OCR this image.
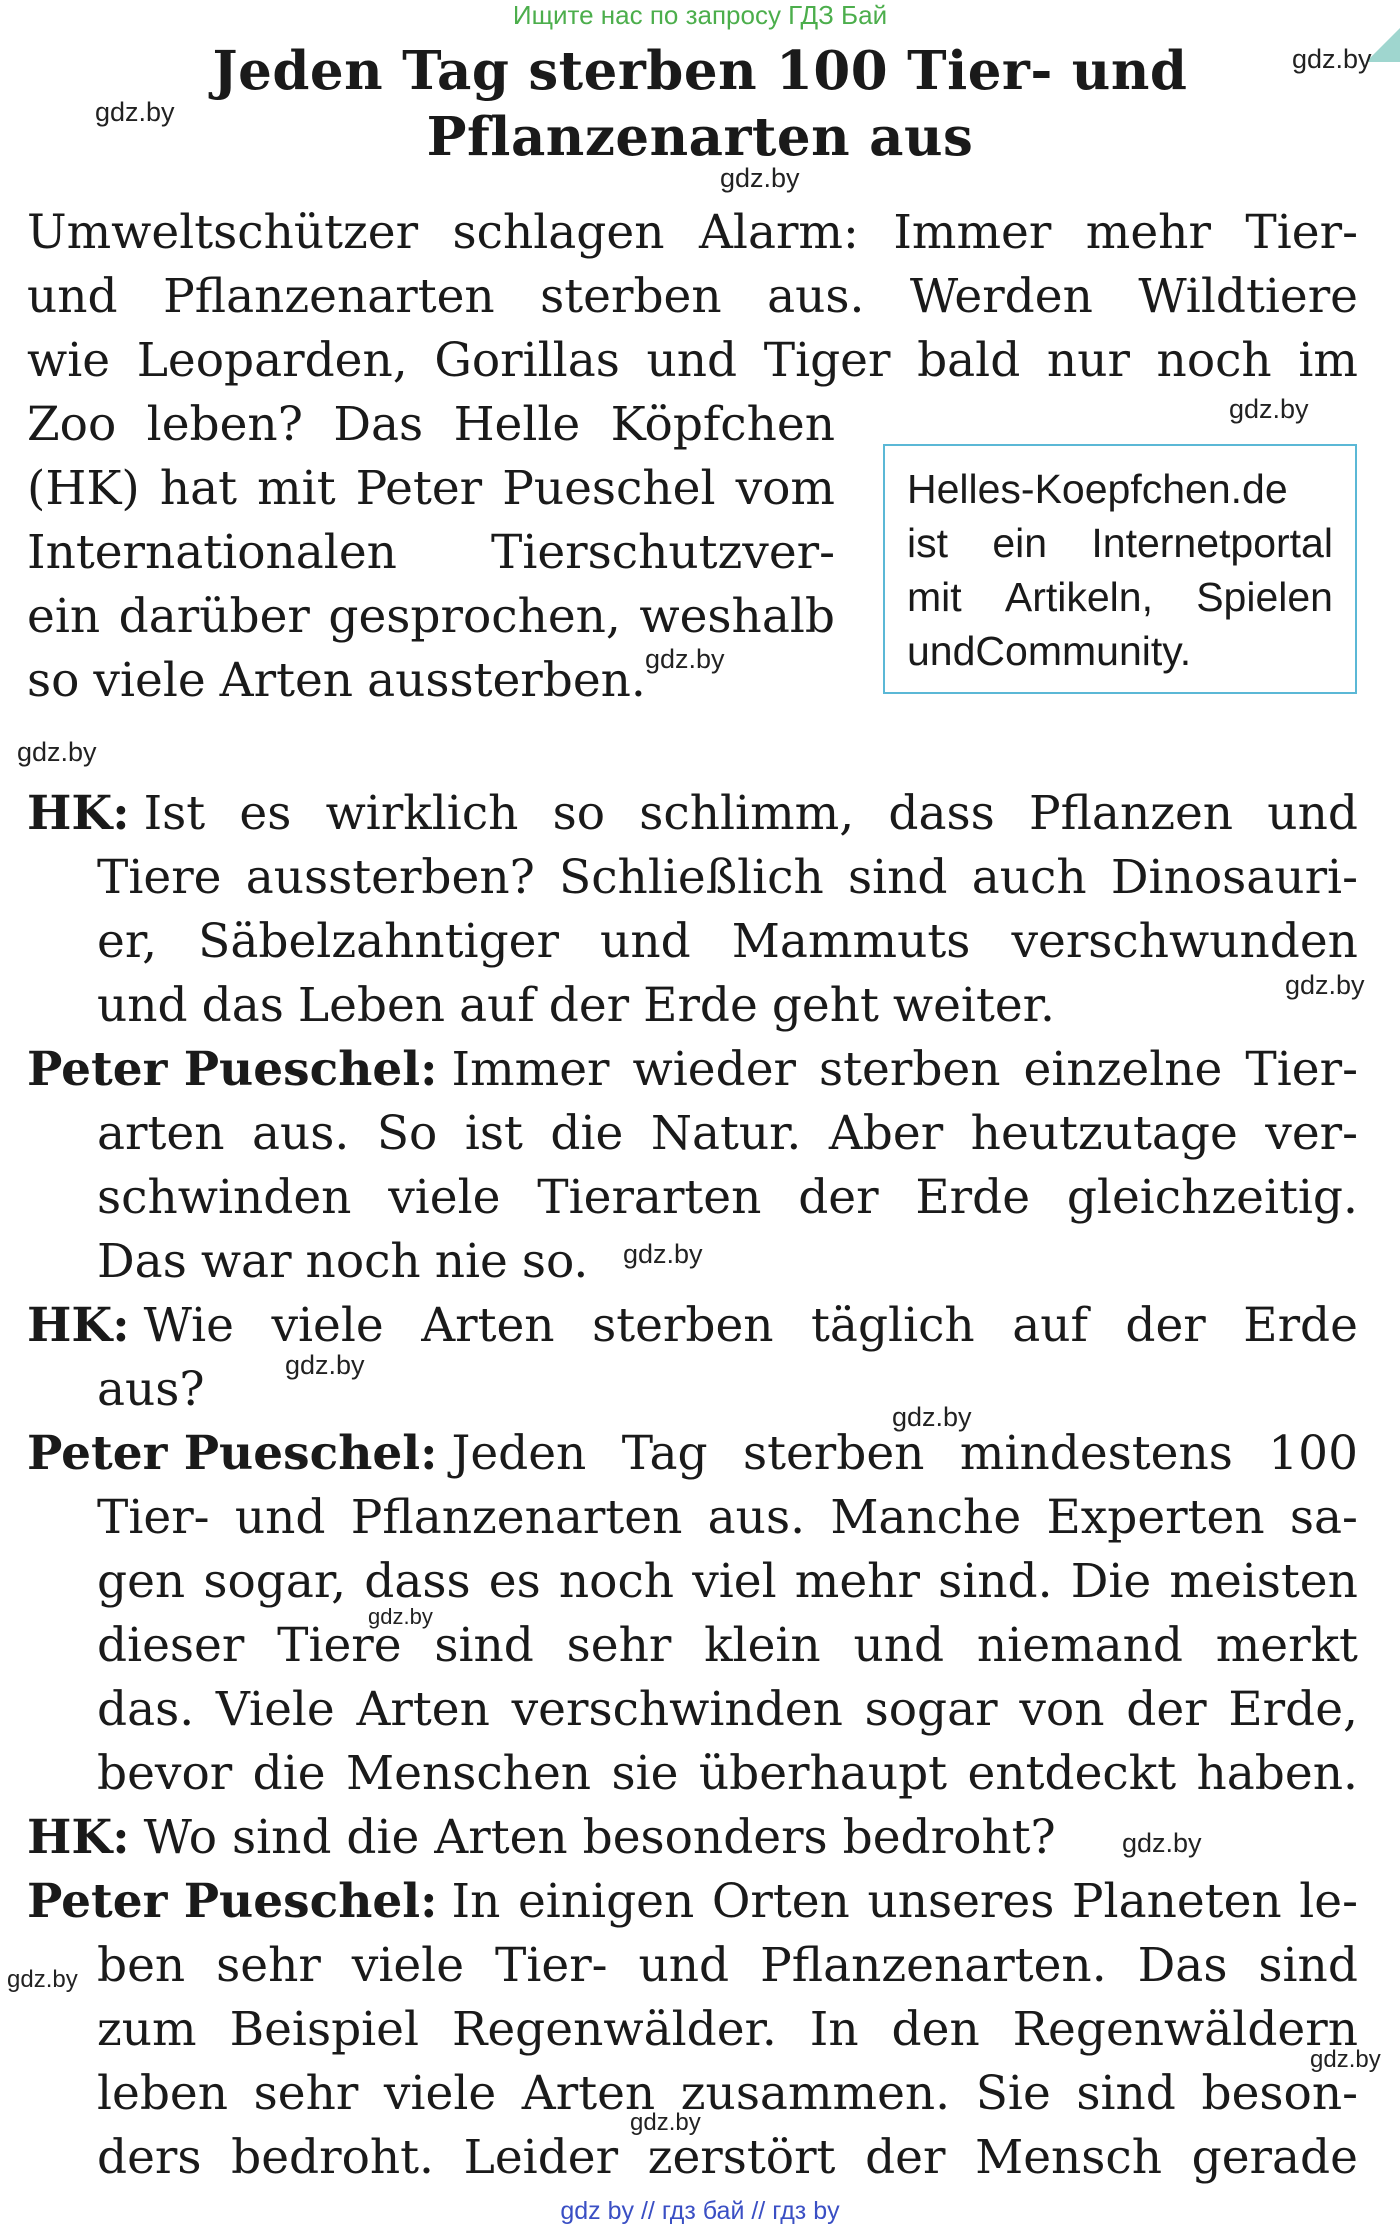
Ищите нас по запросу ГДЗ Бай
Jeden Tag sterben 100 Tier- und
Pflanzenarten aus
gdz.by
gdz.by
gdz.by
gdz.by
gdz.by
gdz.by
gdz.by
gdz.by
gdz.by
gdz.by
gdz.by
gdz.by
gdz.by
gdz.by
gdz.by
Umweltschützer schlagen Alarm: Immer mehr Tier-
und Pflanzenarten sterben aus. Werden Wildtiere
wie Leoparden, Gorillas und Tiger bald nur noch im
Zoo leben? Das Helle Köpfchen
(HK) hat mit Peter Pueschel vom
Internationalen Tierschutzver-
ein darüber gesprochen, weshalb
so viele Arten aussterben.
Helles-Koepfchen.de
ist ein Internetportal
mit Artikeln, Spielen
und Community.
HK: Ist es wirklich so schlimm, dass Pflanzen und
Tiere aussterben? Schließlich sind auch Dinosauri-
er, Säbelzahntiger und Mammuts verschwunden
und das Leben auf der Erde geht weiter.
Peter Pueschel: Immer wieder sterben einzelne Tier-
arten aus. So ist die Natur. Aber heutzutage ver-
schwinden viele Tierarten der Erde gleichzeitig.
Das war noch nie so.
HK: Wie viele Arten sterben täglich auf der Erde
aus?
Peter Pueschel: Jeden Tag sterben mindestens 100
Tier- und Pflanzenarten aus. Manche Experten sa-
gen sogar, dass es noch viel mehr sind. Die meisten
dieser Tiere sind sehr klein und niemand merkt
das. Viele Arten verschwinden sogar von der Erde,
bevor die Menschen sie überhaupt entdeckt haben.
HK: Wo sind die Arten besonders bedroht?
Peter Pueschel: In einigen Orten unseres Planeten le-
ben sehr viele Tier- und Pflanzenarten. Das sind
zum Beispiel Regenwälder. In den Regenwäldern
leben sehr viele Arten zusammen. Sie sind beson-
ders bedroht. Leider zerstört der Mensch gerade
gdz by // гдз бай // гдз by
